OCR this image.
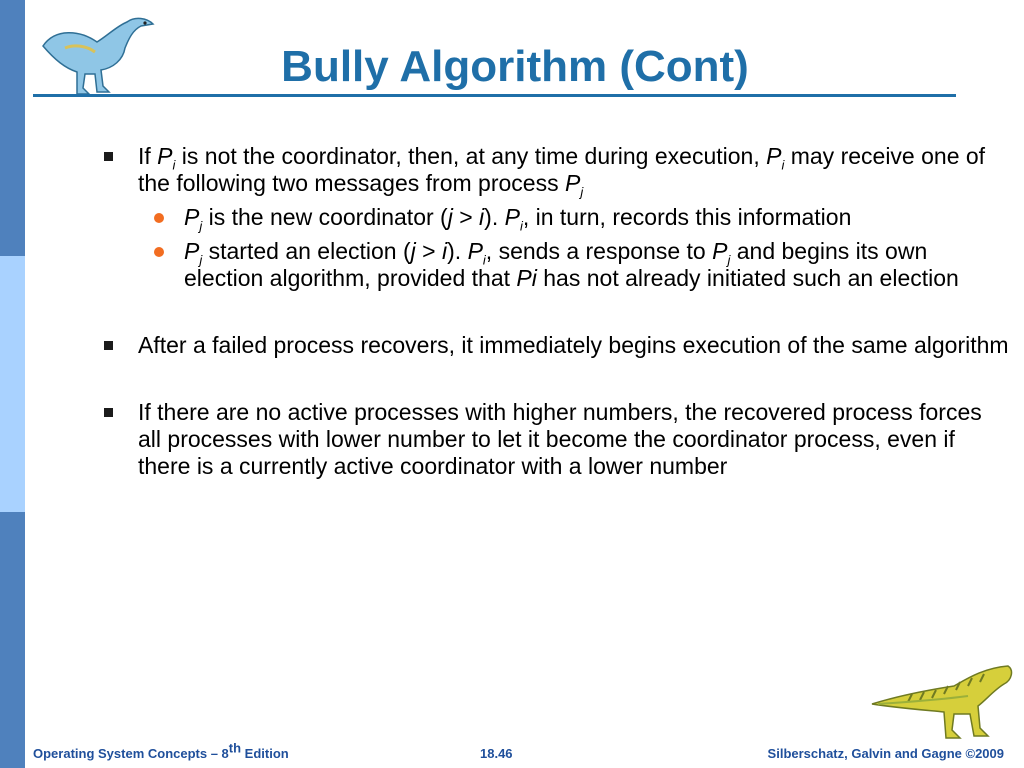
Bully Algorithm (Cont)
If $P_i$ is not the coordinator, then, at any time during execution, $P_i$ may receive one of the following two messages from process $P_j$
$P_j$ is the new coordinator (j > i). $P_i$, in turn, records this information
$P_j$ started an election (j > i). $P_i$, sends a response to $P_j$ and begins its own election algorithm, provided that Pi has not already initiated such an election
After a failed process recovers, it immediately begins execution of the same algorithm
If there are no active processes with higher numbers, the recovered process forces all processes with lower number to let it become the coordinator process, even if there is a currently active coordinator with a lower number
Operating System Concepts – 8th Edition	18.46	Silberschatz, Galvin and Gagne ©2009
